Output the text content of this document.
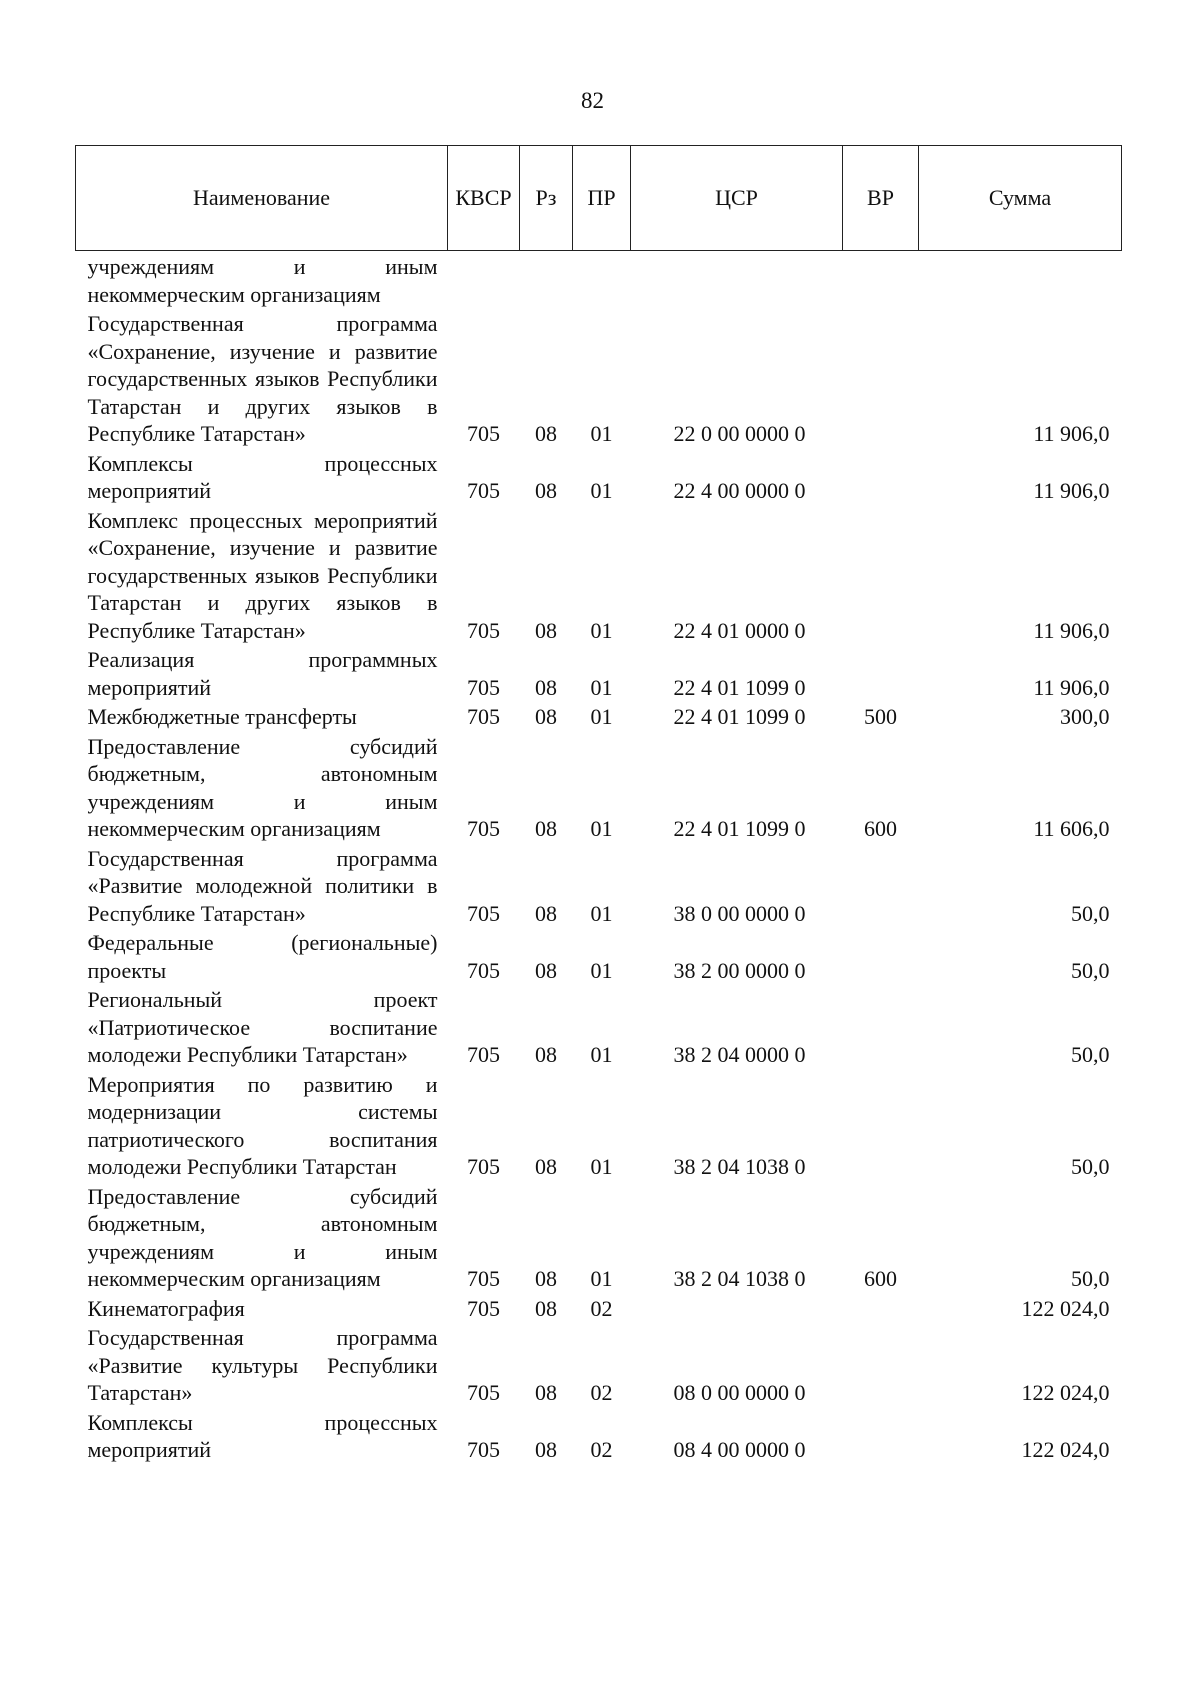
82
Наименование	КВСР	Рз	ПР	ЦСР	ВР	Сумма
учреждениям и иным некоммерческим организациям						
Государственная программа «Сохранение, изучение и развитие государственных языков Республики Татарстан и других языков в Республике Татарстан»	705	08	01	22 0 00 0000 0		11 906,0
Комплексы процессных мероприятий	705	08	01	22 4 00 0000 0		11 906,0
Комплекс процессных мероприятий «Сохранение, изучение и развитие государственных языков Республики Татарстан и других языков в Республике Татарстан»	705	08	01	22 4 01 0000 0		11 906,0
Реализация программных мероприятий	705	08	01	22 4 01 1099 0		11 906,0
Межбюджетные трансферты	705	08	01	22 4 01 1099 0	500	300,0
Предоставление субсидий бюджетным, автономным учреждениям и иным некоммерческим организациям	705	08	01	22 4 01 1099 0	600	11 606,0
Государственная программа «Развитие молодежной политики в Республике Татарстан»	705	08	01	38 0 00 0000 0		50,0
Федеральные (региональные) проекты	705	08	01	38 2 00 0000 0		50,0
Региональный проект «Патриотическое воспитание молодежи Республики Татарстан»	705	08	01	38 2 04 0000 0		50,0
Мероприятия по развитию и модернизации системы патриотического воспитания молодежи Республики Татарстан	705	08	01	38 2 04 1038 0		50,0
Предоставление субсидий бюджетным, автономным учреждениям и иным некоммерческим организациям	705	08	01	38 2 04 1038 0	600	50,0
Кинематография	705	08	02			122 024,0
Государственная программа «Развитие культуры Республики Татарстан»	705	08	02	08 0 00 0000 0		122 024,0
Комплексы процессных мероприятий	705	08	02	08 4 00 0000 0		122 024,0
